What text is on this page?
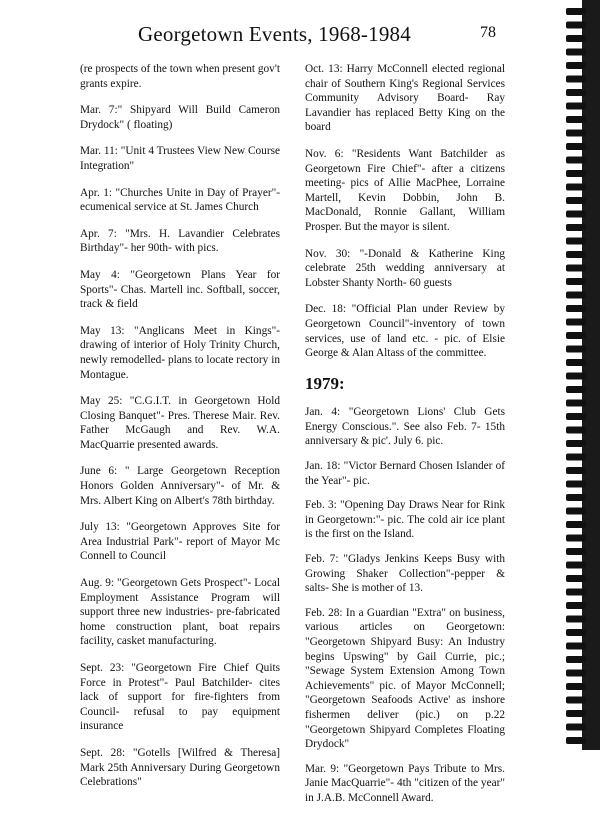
Georgetown Events, 1968-1984	78

(re prospects of the town when present gov't grants expire.

Mar. 7:" Shipyard Will Build Cameron Drydock" ( floating)

Mar. 11: "Unit 4 Trustees View New Course Integration"

Apr. 1: "Churches Unite in Day of Prayer"- ecumenical service at St. James Church

Apr. 7: "Mrs. H. Lavandier Celebrates Birthday"- her 90th- with pics.

May 4: "Georgetown Plans Year for Sports"- Chas. Martell inc. Softball, soccer, track & field

May 13: "Anglicans Meet in Kings"- drawing of interior of Holy Trinity Church, newly remodelled- plans to locate rectory in Montague.

May 25: "C.G.I.T. in Georgetown Hold Closing Banquet"- Pres. Therese Mair. Rev. Father McGaugh and Rev. W.A. MacQuarrie presented awards.

June 6: " Large Georgetown Reception Honors Golden Anniversary"- of Mr. & Mrs. Albert King on Albert's 78th birthday.

July 13: "Georgetown Approves Site for Area Industrial Park"- report of Mayor Mc Connell to Council

Aug. 9: "Georgetown Gets Prospect"- Local Employment Assistance Program will support three new industries- pre-fabricated home construction plant, boat repairs facility, casket manufacturing.

Sept. 23: "Georgetown Fire Chief Quits Force in Protest"- Paul Batchilder- cites lack of support for fire-fighters from Council- refusal to pay equipment insurance

Sept. 28: "Gotells [Wilfred & Theresa] Mark 25th Anniversary During Georgetown Celebrations"

Oct. 13: Harry McConnell elected regional chair of Southern King's Regional Services Community Advisory Board- Ray Lavandier has replaced Betty King on the board

Nov. 6: "Residents Want Batchilder as Georgetown Fire Chief"- after a citizens meeting- pics of Allie MacPhee, Lorraine Martell, Kevin Dobbin, John B. MacDonald, Ronnie Gallant, William Prosper. But the mayor is silent.

Nov. 30: "-Donald & Katherine King celebrate 25th wedding anniversary at Lobster Shanty North- 60 guests

Dec. 18: "Official Plan under Review by Georgetown Council"-inventory of town services, use of land etc. - pic. of Elsie George & Alan Altass of the committee.

1979:

Jan. 4: "Georgetown Lions' Club Gets Energy Conscious.". See also Feb. 7- 15th anniversary & pic'. July 6. pic.

Jan. 18: "Victor Bernard Chosen Islander of the Year"- pic.

Feb. 3: "Opening Day Draws Near for Rink in Georgetown:"- pic. The cold air ice plant is the first on the Island.

Feb. 7: "Gladys Jenkins Keeps Busy with Growing Shaker Collection"-pepper & salts- She is mother of 13.

Feb. 28: In a Guardian "Extra" on business, various articles on Georgetown: "Georgetown Shipyard Busy: An Industry begins Upswing" by Gail Currie, pic.; "Sewage System Extension Among Town Achievements" pic. of Mayor McConnell; "Georgetown Seafoods Active' as inshore fishermen deliver (pic.) on p.22 "Georgetown Shipyard Completes Floating Drydock"

Mar. 9: "Georgetown Pays Tribute to Mrs. Janie MacQuarrie"- 4th "citizen of the year" in J.A.B. McConnell Award.
